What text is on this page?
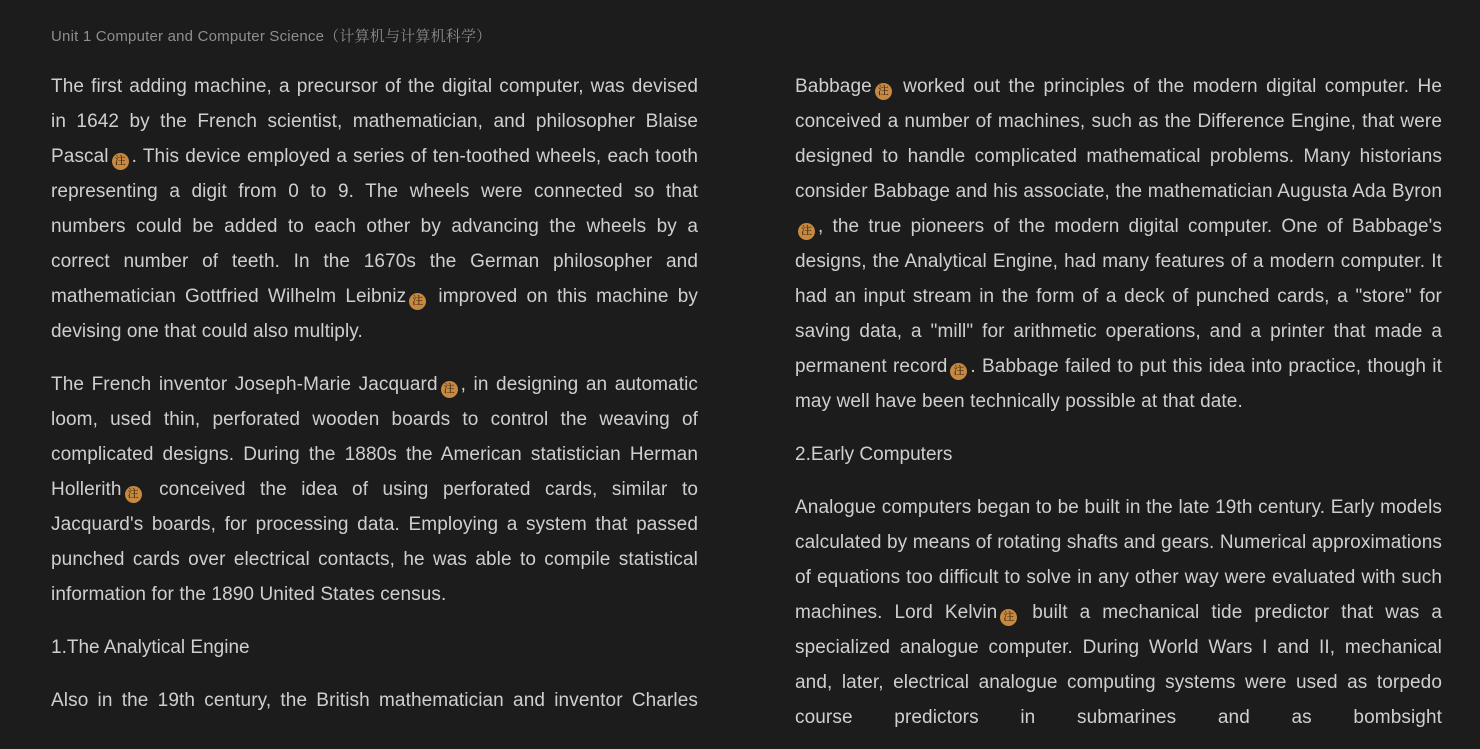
Unit 1 Computer and Computer Science（计算机与计算机科学）

The first adding machine, a precursor of the digital computer, was devised in 1642 by the French scientist, mathematician, and philosopher Blaise Pascal 注 . This device employed a series of ten-toothed wheels, each tooth representing a digit from 0 to 9. The wheels were connected so that numbers could be added to each other by advancing the wheels by a correct number of teeth. In the 1670s the German philosopher and mathematician Gottfried Wilhelm Leibniz 注 improved on this machine by devising one that could also multiply.

The French inventor Joseph-Marie Jacquard 注 , in designing an automatic loom, used thin, perforated wooden boards to control the weaving of complicated designs. During the 1880s the American statistician Herman Hollerith 注 conceived the idea of using perforated cards, similar to Jacquard's boards, for processing data. Employing a system that passed punched cards over electrical contacts, he was able to compile statistical information for the 1890 United States census.

1.The Analytical Engine

Also in the 19th century, the British mathematician and inventor Charles

Babbage 注 worked out the principles of the modern digital computer. He conceived a number of machines, such as the Difference Engine, that were designed to handle complicated mathematical problems. Many historians consider Babbage and his associate, the mathematician Augusta Ada Byron注 , the true pioneers of the modern digital computer. One of Babbage's designs, the Analytical Engine, had many features of a modern computer. It had an input stream in the form of a deck of punched cards, a "store" for saving data, a "mill" for arithmetic operations, and a printer that made a permanent record 注 . Babbage failed to put this idea into practice, though it may well have been technically possible at that date.

2.Early Computers

Analogue computers began to be built in the late 19th century. Early models calculated by means of rotating shafts and gears. Numerical approximations of equations too difficult to solve in any other way were evaluated with such machines. Lord Kelvin 注 built a mechanical tide predictor that was a specialized analogue computer. During World Wars I and II, mechanical and, later, electrical analogue computing systems were used as torpedo course predictors in submarines and as bombsight
